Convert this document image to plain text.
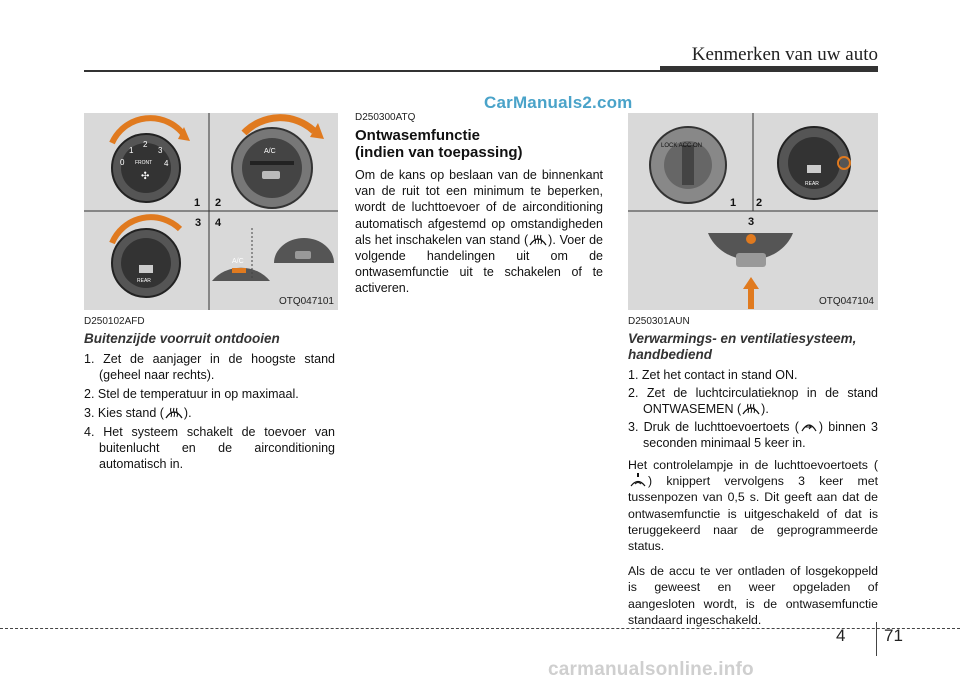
Kenmerken van uw auto
CarManuals2.com
0
1
2
3
4
FRONT
✣
A/C
1 2
3 4
REAR
A/C
OTQ047101
LOCK ACC ON
REAR
1 2
3
OTQ047104
D250102AFD
Buitenzijde voorruit ontdooien
1. Zet de aanjager in de hoogste stand (geheel naar rechts).
2. Stel de temperatuur in op maximaal.
3. Kies stand ( ).
4. Het systeem schakelt de toevoer van buitenlucht en de airconditioning automatisch in.
D250300ATQ
Ontwasemfunctie
(indien van toepassing)
Om de kans op beslaan van de binnenkant van de ruit tot een minimum te beperken, wordt de luchttoevoer of de airconditioning automatisch afgestemd op omstandigheden als het inschakelen van stand ( ). Voer de volgende handelingen uit om de ontwasemfunctie uit te schakelen of te activeren.
D250301AUN
Verwarmings- en ventilatiesysteem, handbediend
1. Zet het contact in stand ON.
2. Zet de luchtcirculatieknop in de stand ONTWASEMEN ( ).
3. Druk de luchttoevoertoets ( ) binnen 3 seconden minimaal 5 keer in.
Het controlelampje in de luchttoevoertoets () knippert vervolgens 3 keer met tussenpozen van 0,5 s. Dit geeft aan dat de ontwasemfunctie is uitgeschakeld of dat is teruggekeerd naar de geprogrammeerde status.
Als de accu te ver ontladen of losgekoppeld is geweest en weer opgeladen of aangesloten wordt, is de ontwasemfunctie standaard ingeschakeld.
4 71
carmanualsonline.info
